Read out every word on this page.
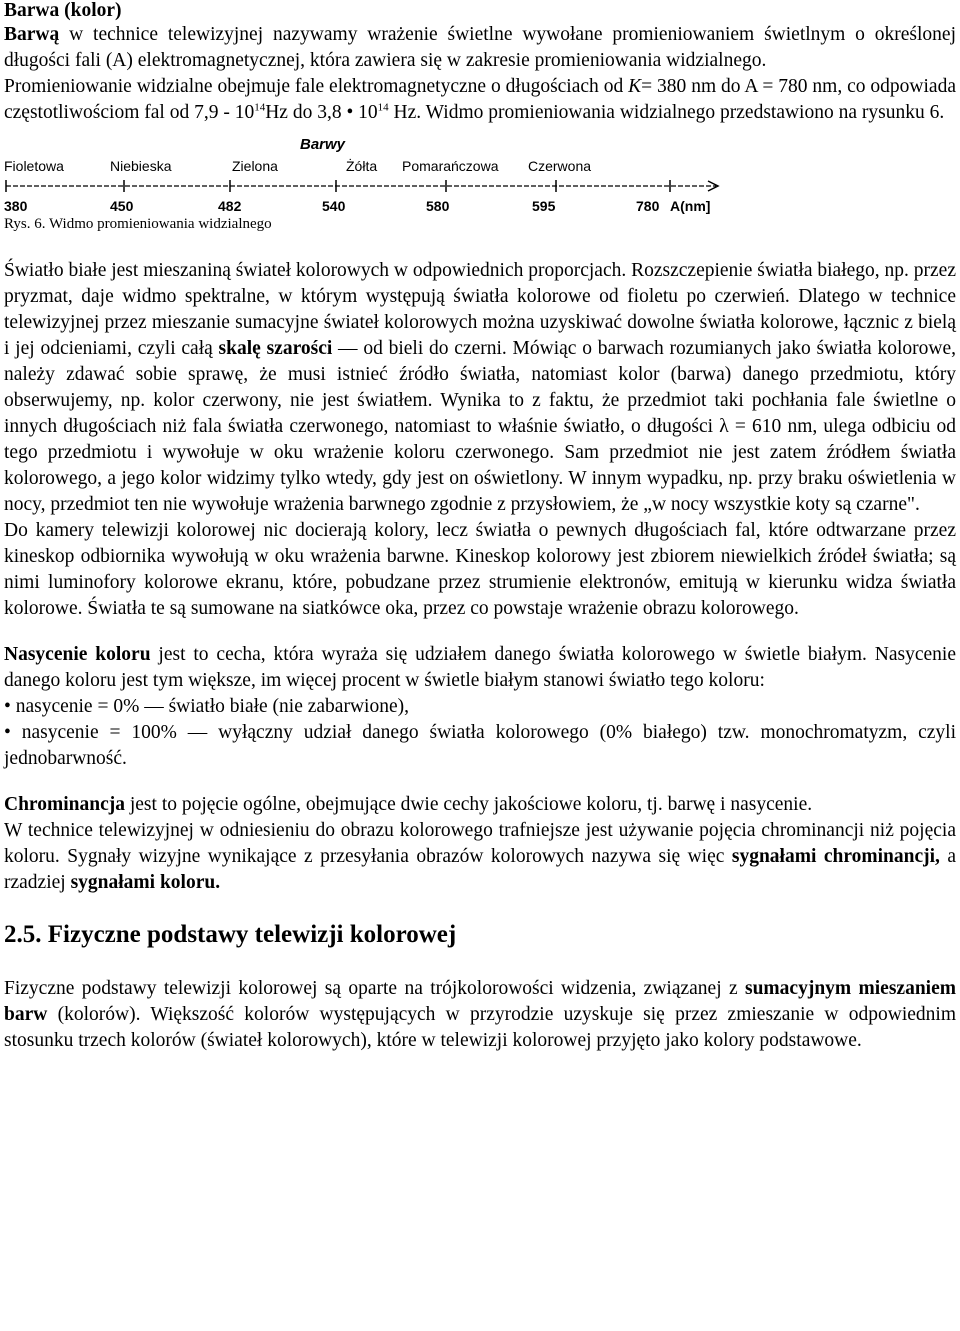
Barwa (kolor)

Barwą w technice telewizyjnej nazywamy wrażenie świetlne wywołane promieniowaniem świetlnym o określonej długości fali (A) elektromagnetycznej, która zawiera się w zakresie promieniowania widzialnego.

Promieniowanie widzialne obejmuje fale elektromagnetyczne o długościach od K= 380 nm do A = 780 nm, co odpowiada częstotliwościom fal od $7,9 - 10^{14}Hz$ do 3,8 • $10^{14}$ Hz. Widmo promieniowania widzialnego przedstawiono na rysunku 6.

Barwy
Fioletowa	Niebieska	Zielona	Żółta Pomarańczowa Czerwona
380	450	482	540	580	595	780 A(nm]
Rys. 6. Widmo promieniowania widzialnego

Światło białe jest mieszaniną świateł kolorowych w odpowiednich proporcjach. Rozszczepienie światła białego, np. przez pryzmat, daje widmo spektralne, w którym występują światła kolorowe od fioletu po czerwień. Dlatego w technice telewizyjnej przez mieszanie sumacyjne świateł kolorowych można uzyskiwać dowolne światła kolorowe, łącznic z bielą i jej odcieniami, czyli całą skalę szarości — od bieli do czerni. Mówiąc o barwach rozumianych jako światła kolorowe, należy zdawać sobie sprawę, że musi istnieć źródło światła, natomiast kolor (barwa) danego przedmiotu, który obserwujemy, np. kolor czerwony, nie jest światłem. Wynika to z faktu, że przedmiot taki pochłania fale świetlne o innych długościach niż fala światła czerwonego, natomiast to właśnie światło, o długości λ = 610 nm, ulega odbiciu od tego przedmiotu i wywołuje w oku wrażenie koloru czerwonego. Sam przedmiot nie jest zatem źródłem światła kolorowego, a jego kolor widzimy tylko wtedy, gdy jest on oświetlony. W innym wypadku, np. przy braku oświetlenia w nocy, przedmiot ten nie wywołuje wrażenia barwnego zgodnie z przysłowiem, że „w nocy wszystkie koty są czarne".

Do kamery telewizji kolorowej nic docierają kolory, lecz światła o pewnych długościach fal, które odtwarzane przez kineskop odbiornika wywołują w oku wrażenia barwne. Kineskop kolorowy jest zbiorem niewielkich źródeł światła; są nimi luminofory kolorowe ekranu, które, pobudzane przez strumienie elektronów, emitują w kierunku widza światła kolorowe. Światła te są sumowane na siatkówce oka, przez co powstaje wrażenie obrazu kolorowego.

Nasycenie koloru jest to cecha, która wyraża się udziałem danego światła kolorowego w świetle białym. Nasycenie danego koloru jest tym większe, im więcej procent w świetle białym stanowi światło tego koloru:

• nasycenie = 0% — światło białe (nie zabarwione),

• nasycenie = 100% — wyłączny udział danego światła kolorowego (0% białego) tzw. monochromatyzm, czyli jednobarwność.

Chrominancja jest to pojęcie ogólne, obejmujące dwie cechy jakościowe koloru, tj. barwę i nasycenie.

W technice telewizyjnej w odniesieniu do obrazu kolorowego trafniejsze jest używanie pojęcia chrominancji niż pojęcia koloru. Sygnały wizyjne wynikające z przesyłania obrazów kolorowych nazywa się więc sygnałami chrominancji, a rzadziej sygnałami koloru.

2.5. Fizyczne podstawy telewizji kolorowej

Fizyczne podstawy telewizji kolorowej są oparte na trójkolorowości widzenia, związanej z sumacyjnym mieszaniem barw (kolorów). Większość kolorów występujących w przyrodzie uzyskuje się przez zmieszanie w odpowiednim stosunku trzech kolorów (świateł kolorowych), które w telewizji kolorowej przyjęto jako kolory podstawowe.
